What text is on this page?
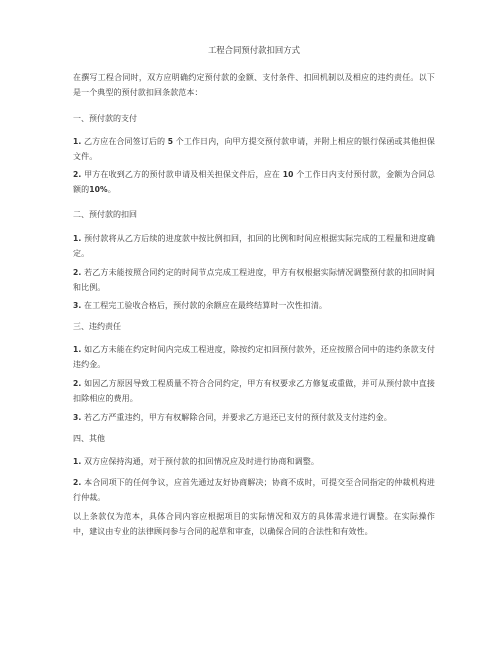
工程合同预付款扣回方式
在撰写工程合同时，双方应明确约定预付款的金额、支付条件、扣回机制以及相应的违约责任。以下是一个典型的预付款扣回条款范本：
一、预付款的支付
1. 乙方应在合同签订后的 5 个工作日内，向甲方提交预付款申请，并附上相应的银行保函或其他担保文件。
2. 甲方在收到乙方的预付款申请及相关担保文件后，应在 10 个工作日内支付预付款，金额为合同总额的10%。
二、预付款的扣回
1. 预付款将从乙方后续的进度款中按比例扣回，扣回的比例和时间应根据实际完成的工程量和进度确定。
2. 若乙方未能按照合同约定的时间节点完成工程进度，甲方有权根据实际情况调整预付款的扣回时间和比例。
3. 在工程完工验收合格后，预付款的余额应在最终结算时一次性扣清。
三、违约责任
1. 如乙方未能在约定时间内完成工程进度，除按约定扣回预付款外，还应按照合同中的违约条款支付违约金。
2. 如因乙方原因导致工程质量不符合合同约定，甲方有权要求乙方修复或重做，并可从预付款中直接扣除相应的费用。
3. 若乙方严重违约，甲方有权解除合同，并要求乙方退还已支付的预付款及支付违约金。
四、其他
1. 双方应保持沟通，对于预付款的扣回情况应及时进行协商和调整。
2. 本合同项下的任何争议，应首先通过友好协商解决；协商不成时，可提交至合同指定的仲裁机构进行仲裁。
以上条款仅为范本，具体合同内容应根据项目的实际情况和双方的具体需求进行调整。在实际操作中，建议由专业的法律顾问参与合同的起草和审查，以确保合同的合法性和有效性。
